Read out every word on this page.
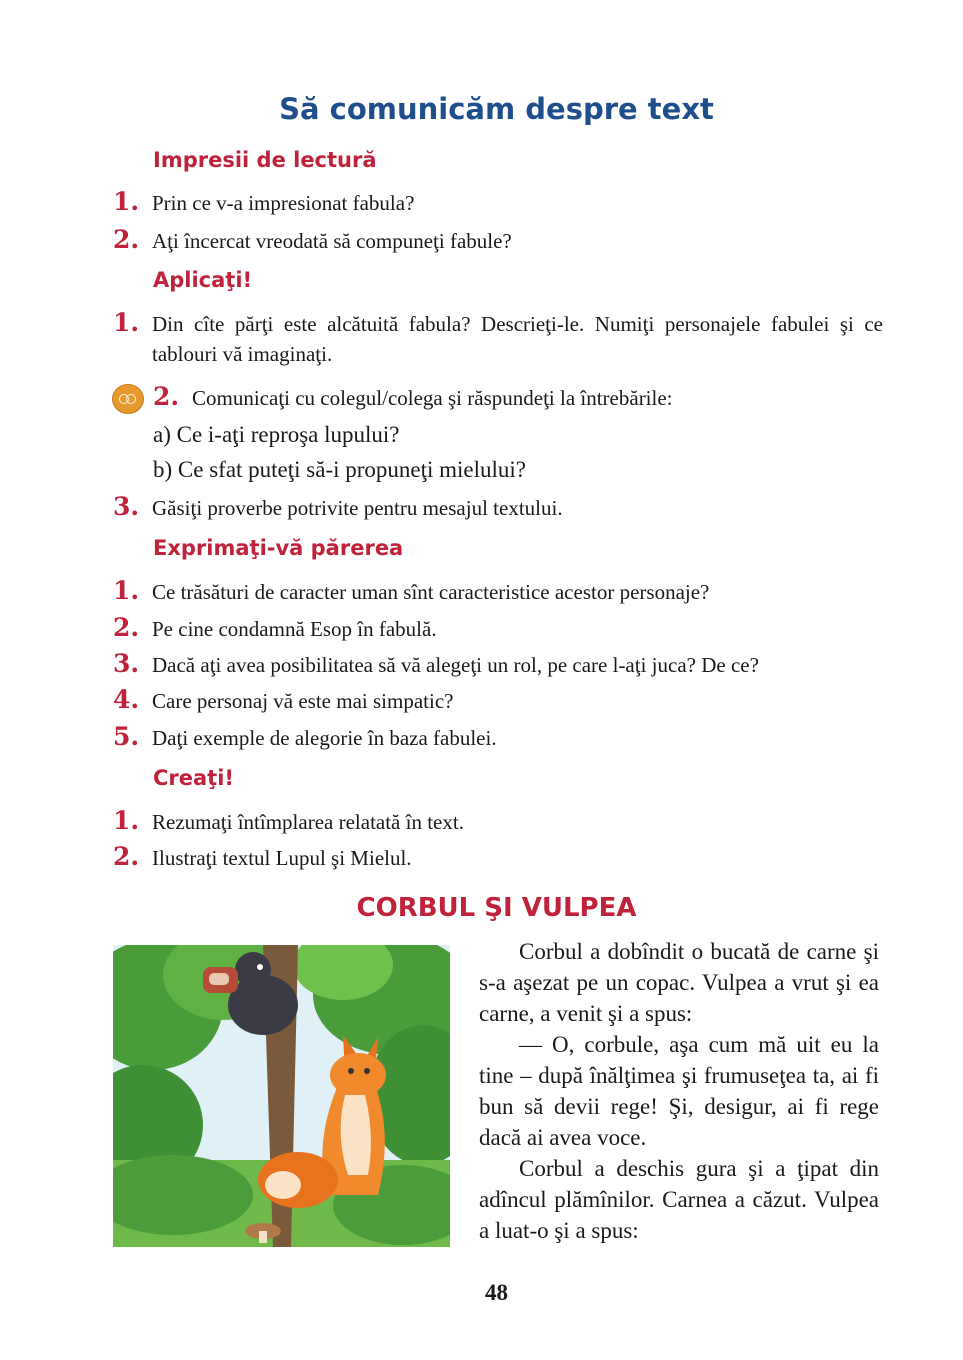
Să comunicăm despre text
Impresii de lectură
1. Prin ce v-a impresionat fabula?
2. Aţi încercat vreodată să compuneţi fabule?
Aplicaţi!
1. Din cîte părţi este alcătuită fabula? Descrieţi-le. Numiţi personajele fabulei şi ce tablouri vă imaginaţi.
2. Comunicaţi cu colegul/colega şi răspundeţi la întrebările:
a) Ce i-aţi reproşa lupului?
b) Ce sfat puteţi să-i propuneţi mielului?
3. Găsiţi proverbe potrivite pentru mesajul textului.
Exprimaţi-vă părerea
1. Ce trăsături de caracter uman sînt caracteristice acestor personaje?
2. Pe cine condamnă Esop în fabulă.
3. Dacă aţi avea posibilitatea să vă alegeţi un rol, pe care l-aţi juca? De ce?
4. Care personaj vă este mai simpatic?
5. Daţi exemple de alegorie în baza fabulei.
Creaţi!
1. Rezumaţi întîmplarea relatată în text.
2. Ilustraţi textul Lupul şi Mielul.
CORBUL ŞI VULPEA

Corbul a dobîndit o bucată de carne şi s-a aşezat pe un copac. Vulpea a vrut şi ea carne, a venit şi a spus:

— O, corbule, aşa cum mă uit eu la tine – după înălţimea şi frumuseţea ta, ai fi bun să devii rege! Şi, desigur, ai fi rege dacă ai avea voce.

Corbul a deschis gura şi a ţipat din adîncul plămînilor. Carnea a căzut. Vulpea a luat-o şi a spus:

48
